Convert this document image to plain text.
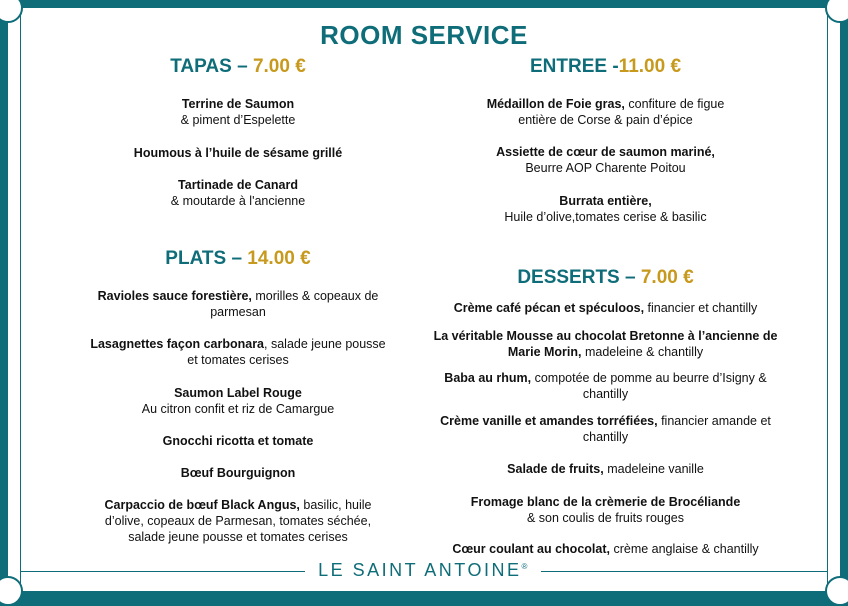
ROOM SERVICE
TAPAS – 7.00 €
Terrine de Saumon
& piment d’Espelette
Houmous à l’huile de sésame grillé
Tartinade de Canard
& moutarde à l'ancienne
PLATS – 14.00 €
Ravioles sauce forestière, morilles & copeaux de
parmesan
Lasagnettes façon carbonara, salade jeune pousse
et tomates cerises
Saumon Label Rouge
Au citron confit et riz de Camargue
Gnocchi ricotta et tomate
Bœuf Bourguignon
Carpaccio de bœuf Black Angus, basilic, huile
d’olive, copeaux de Parmesan, tomates séchée,
salade jeune pousse et tomates cerises
ENTREE -11.00 €
Médaillon de Foie gras, confiture de figue
entière de Corse & pain d’épice
Assiette de cœur de saumon mariné,
Beurre AOP Charente Poitou
Burrata entière,
Huile d’olive,tomates cerise & basilic
DESSERTS – 7.00 €
Crème café pécan et spéculoos, financier et chantilly
La véritable Mousse au chocolat Bretonne à l’ancienne de
Marie Morin, madeleine & chantilly
Baba au rhum, compotée de pomme au beurre d’Isigny &
chantilly
Crème vanille et amandes torréfiées, financier amande et
chantilly
Salade de fruits, madeleine vanille
Fromage blanc de la crèmerie de Brocéliande
& son coulis de fruits rouges
Cœur coulant au chocolat, crème anglaise & chantilly
LE SAINT ANTOINE®
